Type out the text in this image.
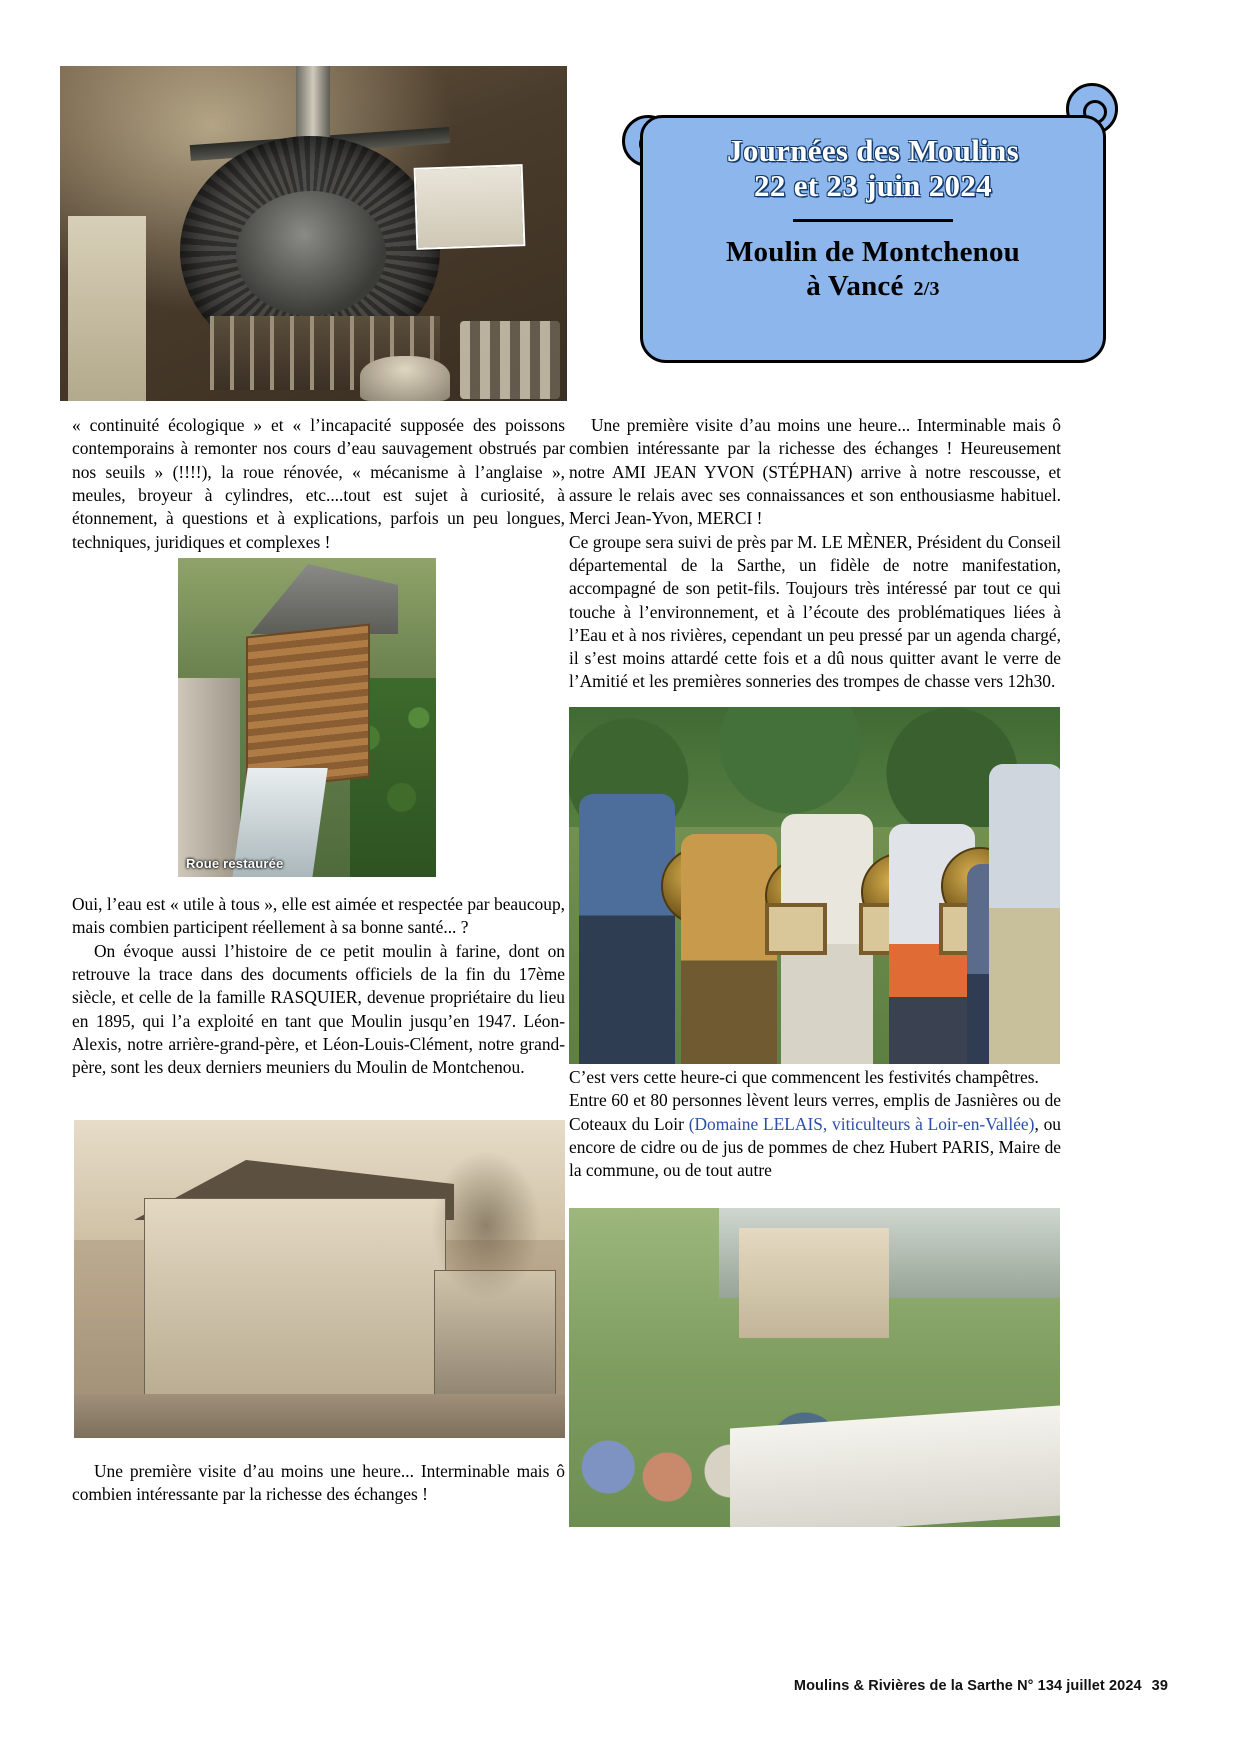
Journées des Moulins
22 et 23 juin 2024
Moulin de Montchenou
à Vancé 2/3

« continuité écologique » et « l’incapacité supposée des poissons contemporains à remonter nos cours d’eau sauvagement obstrués par nos seuils » (!!!!), la roue rénovée, « mécanisme à l’anglaise », meules, broyeur à cylindres, etc....tout est sujet à curiosité, à étonnement, à questions et à explications, parfois un peu longues, techniques, juridiques et complexes !

Roue restaurée

Oui, l’eau est « utile à tous », elle est aimée et respectée par beaucoup, mais combien participent réellement à sa bonne santé... ?

On évoque aussi l’histoire de ce petit moulin à farine, dont on retrouve la trace dans des documents officiels de la fin du 17ème siècle, et celle de la famille RASQUIER, devenue propriétaire du lieu en 1895, qui l’a exploité en tant que Moulin jusqu’en 1947. Léon-Alexis, notre arrière-grand-père, et Léon-Louis-Clément, notre grand-père, sont les deux derniers meuniers du Moulin de Montchenou.

Une première visite d’au moins une heure... Interminable mais ô combien intéressante par la richesse des échanges !

Une première visite d’au moins une heure... Interminable mais ô combien intéressante par la richesse des échanges ! Heureusement notre AMI JEAN YVON (STÉPHAN) arrive à notre rescousse, et assure le relais avec ses connaissances et son enthousiasme habituel. Merci Jean-Yvon, MERCI !

Ce groupe sera suivi de près par M. LE MÈNER, Président du Conseil départemental de la Sarthe, un fidèle de notre manifestation, accompagné de son petit-fils. Toujours très intéressé par tout ce qui touche à l’environnement, et à l’écoute des problématiques liées à l’Eau et à nos rivières, cependant un peu pressé par un agenda chargé, il s’est moins attardé cette fois et a dû nous quitter avant le verre de l’Amitié et les premières sonneries des trompes de chasse vers 12h30.

C’est vers cette heure-ci que commencent les festivités champêtres.

Entre 60 et 80 personnes lèvent leurs verres, emplis de Jasnières ou de Coteaux du Loir (Domaine LELAIS, viticulteurs à Loir-en-Vallée), ou encore de cidre ou de jus de pommes de chez Hubert PARIS, Maire de la commune, ou de tout autre

Moulins & Rivières de la Sarthe N° 134 juillet 2024 39
